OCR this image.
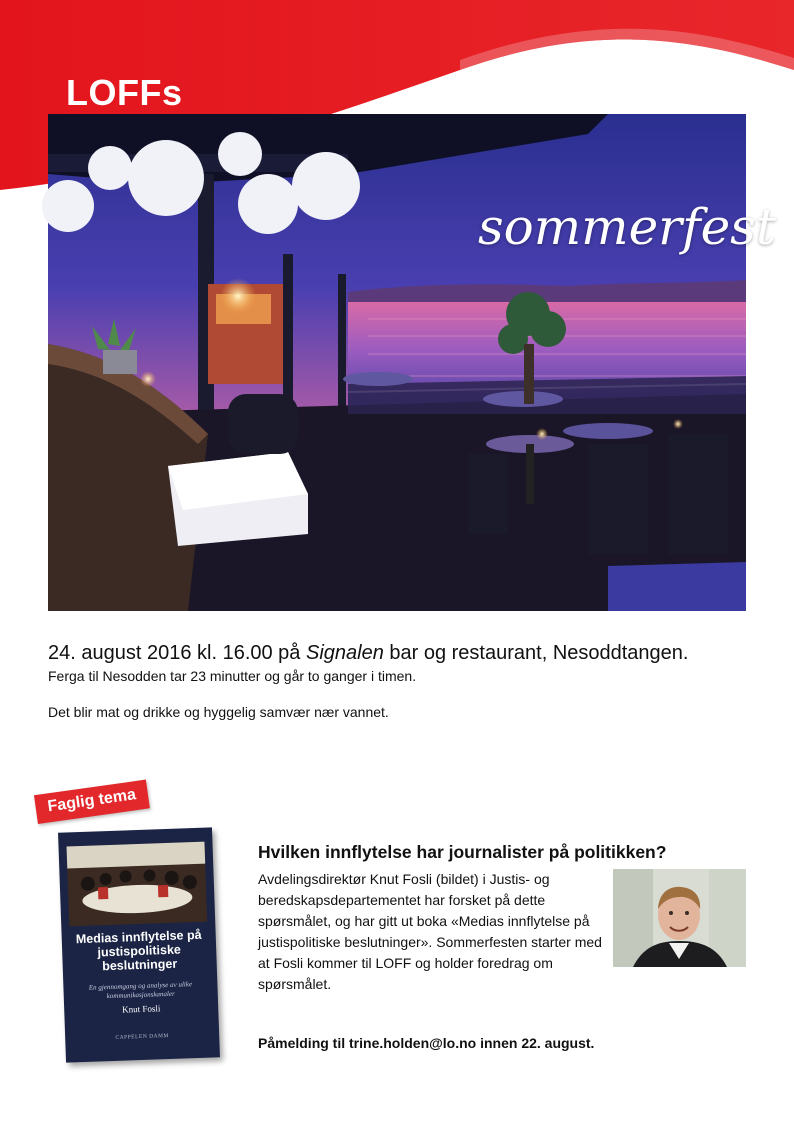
LOFFs
sommerfest

24. august 2016 kl. 16.00 på Signalen bar og restaurant, Nesoddtangen.

Ferga til Nesodden tar 23 minutter og går to ganger i timen.

Det blir mat og drikke og hyggelig samvær nær vannet.

Medias innflytelse på justispolitiske beslutninger

En gjennomgang og analyse av ulike kommunikasjonskanaler
Knut Fosli
CAPPELEN DAMM
Faglig tema
Hvilken innflytelse har journalister på politikken?

Avdelingsdirektør Knut Fosli (bildet) i Justis- og beredskapsdepartementet har forsket på dette spørsmålet, og har gitt ut boka «Medias innflytelse på justispolitiske beslutninger». Sommerfesten starter med at Fosli kommer til LOFF og holder foredrag om spørsmålet.

Påmelding til trine.holden@lo.no innen 22. august.
